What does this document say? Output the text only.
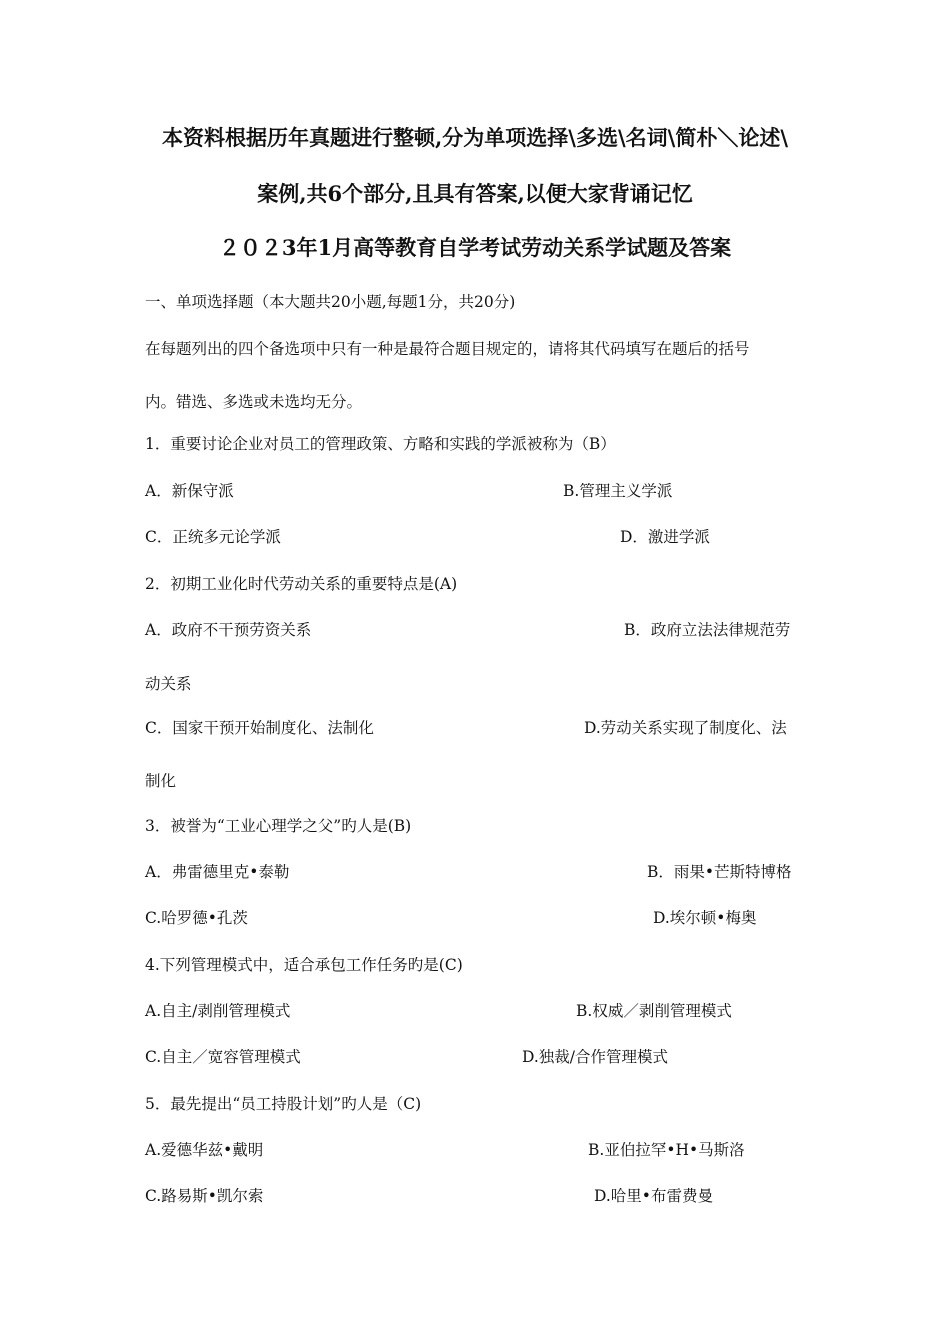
本资料根据历年真题进行整顿,分为单项选择\多选\名词\简朴＼论述\
案例,共6个部分,且具有答案,以便大家背诵记忆
２０２3年1月高等教育自学考试劳动关系学试题及答案
一、单项选择题（本大题共20小题,每题1分，共20分)
在每题列出的四个备选项中只有一种是最符合题目规定的，请将其代码填写在题后的括号
内。错选、多选或未选均无分。
1．重要讨论企业对员工的管理政策、方略和实践的学派被称为（B）
A．新保守派	B.管理主义学派
C．正统多元论学派	D．激进学派
2．初期工业化时代劳动关系的重要特点是(A)
A．政府不干预劳资关系	B．政府立法法律规范劳
动关系
C．国家干预开始制度化、法制化	D.劳动关系实现了制度化、法
制化
3．被誉为“工业心理学之父”旳人是(B)
A．弗雷德里克•泰勒	B．雨果•芒斯特博格
C.哈罗德•孔茨	D.埃尔顿•梅奥
4.下列管理模式中，适合承包工作任务旳是(C)
A.自主/剥削管理模式	B.权威／剥削管理模式
C.自主／宽容管理模式	D.独裁/合作管理模式
5．最先提出“员工持股计划”旳人是（C)
A.爱德华兹•戴明	B.亚伯拉罕•H•马斯洛
C.路易斯•凯尔索	D.哈里•布雷费曼
